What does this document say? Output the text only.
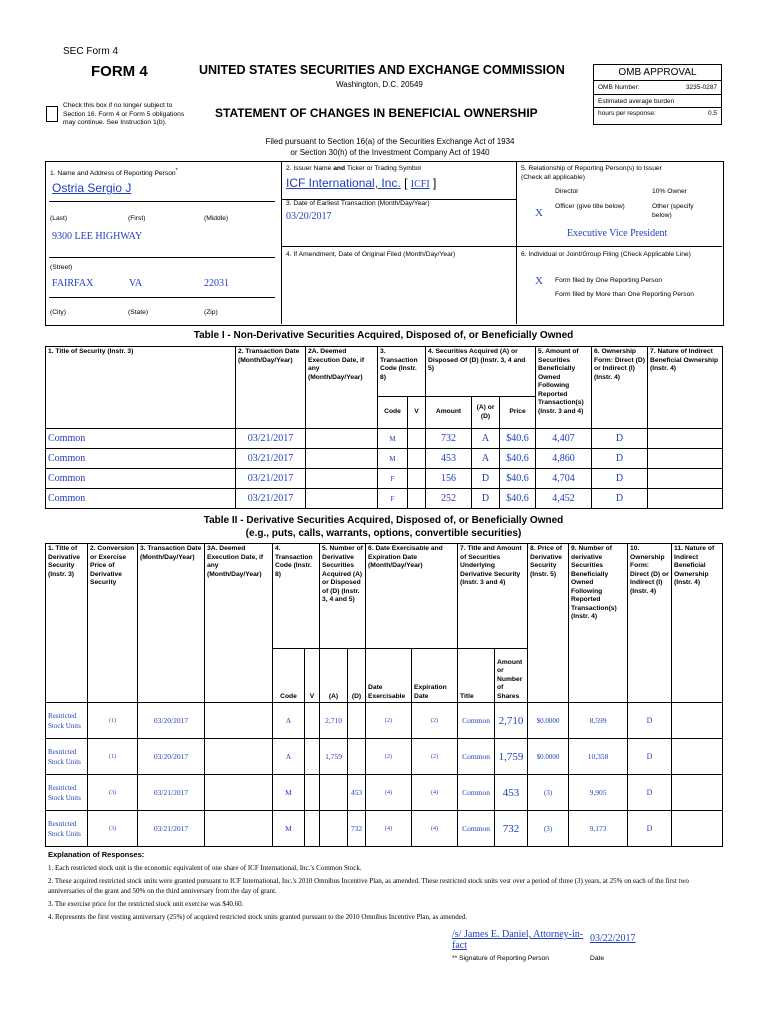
SEC Form 4
FORM 4	UNITED STATES SECURITIES AND EXCHANGE COMMISSION
Washington, D.C. 20549
Check this box if no longer subject to Section 16. Form 4 or Form 5 obligations may continue. See Instruction 1(b).
STATEMENT OF CHANGES IN BENEFICIAL OWNERSHIP
Filed pursuant to Section 16(a) of the Securities Exchange Act of 1934
or Section 30(h) of the Investment Company Act of 1940
OMB APPROVAL
OMB Number:	3235-0287
Estimated average burden
hours per response:	0.5
1. Name and Address of Reporting Person*
Ostria Sergio J
(Last)	(First)	(Middle)
9300 LEE HIGHWAY
(Street)
FAIRFAX	VA	22031
(City)	(State)	(Zip)
2. Issuer Name and Ticker or Trading Symbol
ICF International, Inc. [ ICFI ]
3. Date of Earliest Transaction (Month/Day/Year)
03/20/2017
4. If Amendment, Date of Original Filed (Month/Day/Year)
5. Relationship of Reporting Person(s) to Issuer
(Check all applicable)
Director	10% Owner
X
Officer (give title below)	Other (specify below)
Executive Vice President
6. Individual or Joint/Group Filing (Check Applicable Line)
X Form filed by One Reporting Person
Form filed by More than One Reporting Person
Table I - Non-Derivative Securities Acquired, Disposed of, or Beneficially Owned
1. Title of Security (Instr. 3)	2. Transaction Date (Month/Day/Year)	2A. Deemed Execution Date, if any (Month/Day/Year)	3. Transaction Code (Instr. 8)		4. Securities Acquired (A) or Disposed Of (D) (Instr. 3, 4 and 5)			5. Amount of Securities Beneficially Owned Following Reported Transaction(s) (Instr. 3 and 4)	6. Ownership Form: Direct (D) or Indirect (I) (Instr. 4)	7. Nature of Indirect Beneficial Ownership (Instr. 4)
			Code	V	Amount	(A) or (D)	Price			
Common	03/21/2017		M		732	A	$40.6	4,407	D	
Common	03/21/2017		M		453	A	$40.6	4,860	D	
Common	03/21/2017		F		156	D	$40.6	4,704	D	
Common	03/21/2017		F		252	D	$40.6	4,452	D	
Table II - Derivative Securities Acquired, Disposed of, or Beneficially Owned
(e.g., puts, calls, warrants, options, convertible securities)
1. Title of Derivative Security (Instr. 3)	2. Conversion or Exercise Price of Derivative Security	3. Transaction Date (Month/Day/Year)	3A. Deemed Execution Date, if any (Month/Day/Year)	4. Transaction Code (Instr. 8)		5. Number of Derivative Securities Acquired (A) or Disposed of (D) (Instr. 3, 4 and 5)		6. Date Exercisable and Expiration Date (Month/Day/Year)		7. Title and Amount of Securities Underlying Derivative Security (Instr. 3 and 4)		8. Price of Derivative Security (Instr. 5)	9. Number of derivative Securities Beneficially Owned Following Reported Transaction(s) (Instr. 4)	10. Ownership Form: Direct (D) or Indirect (I) (Instr. 4)	11. Nature of Indirect Beneficial Ownership (Instr. 4)
				Code	V	(A)	(D)	Date Exercisable	Expiration Date	Title	Amount or Number of Shares				
Restricted Stock Units	(1)	03/20/2017		A		2,710		(2)	(2)	Common	2,710	$0.0000	8,599	D	
Restricted Stock Units	(1)	03/20/2017		A		1,759		(2)	(2)	Common	1,759	$0.0000	10,358	D	
Restricted Stock Units	(3)	03/21/2017		M			453	(4)	(4)	Common	453	(3)	9,905	D	
Restricted Stock Units	(3)	03/21/2017		M			732	(4)	(4)	Common	732	(3)	9,173	D	
Explanation of Responses:
1. Each restricted stock unit is the economic equivalent of one share of ICF International, Inc.'s Common Stock.
2. These acquired restricted stock units were granted pursuant to ICF International, Inc.'s 2010 Omnibus Incentive Plan, as amended. These restricted stock units vest over a period of three (3) years, at 25% on each of the first two anniversaries of the grant and 50% on the third anniversary from the day of grant.
3. The exercise price for the restricted stock unit exercise was $40.60.
4. Represents the first vesting anniversary (25%) of acquired restricted stock units granted pursuant to the 2010 Omnibus Incentive Plan, as amended.
/s/ James E. Daniel, Attorney-in-fact
03/22/2017
** Signature of Reporting Person	Date
